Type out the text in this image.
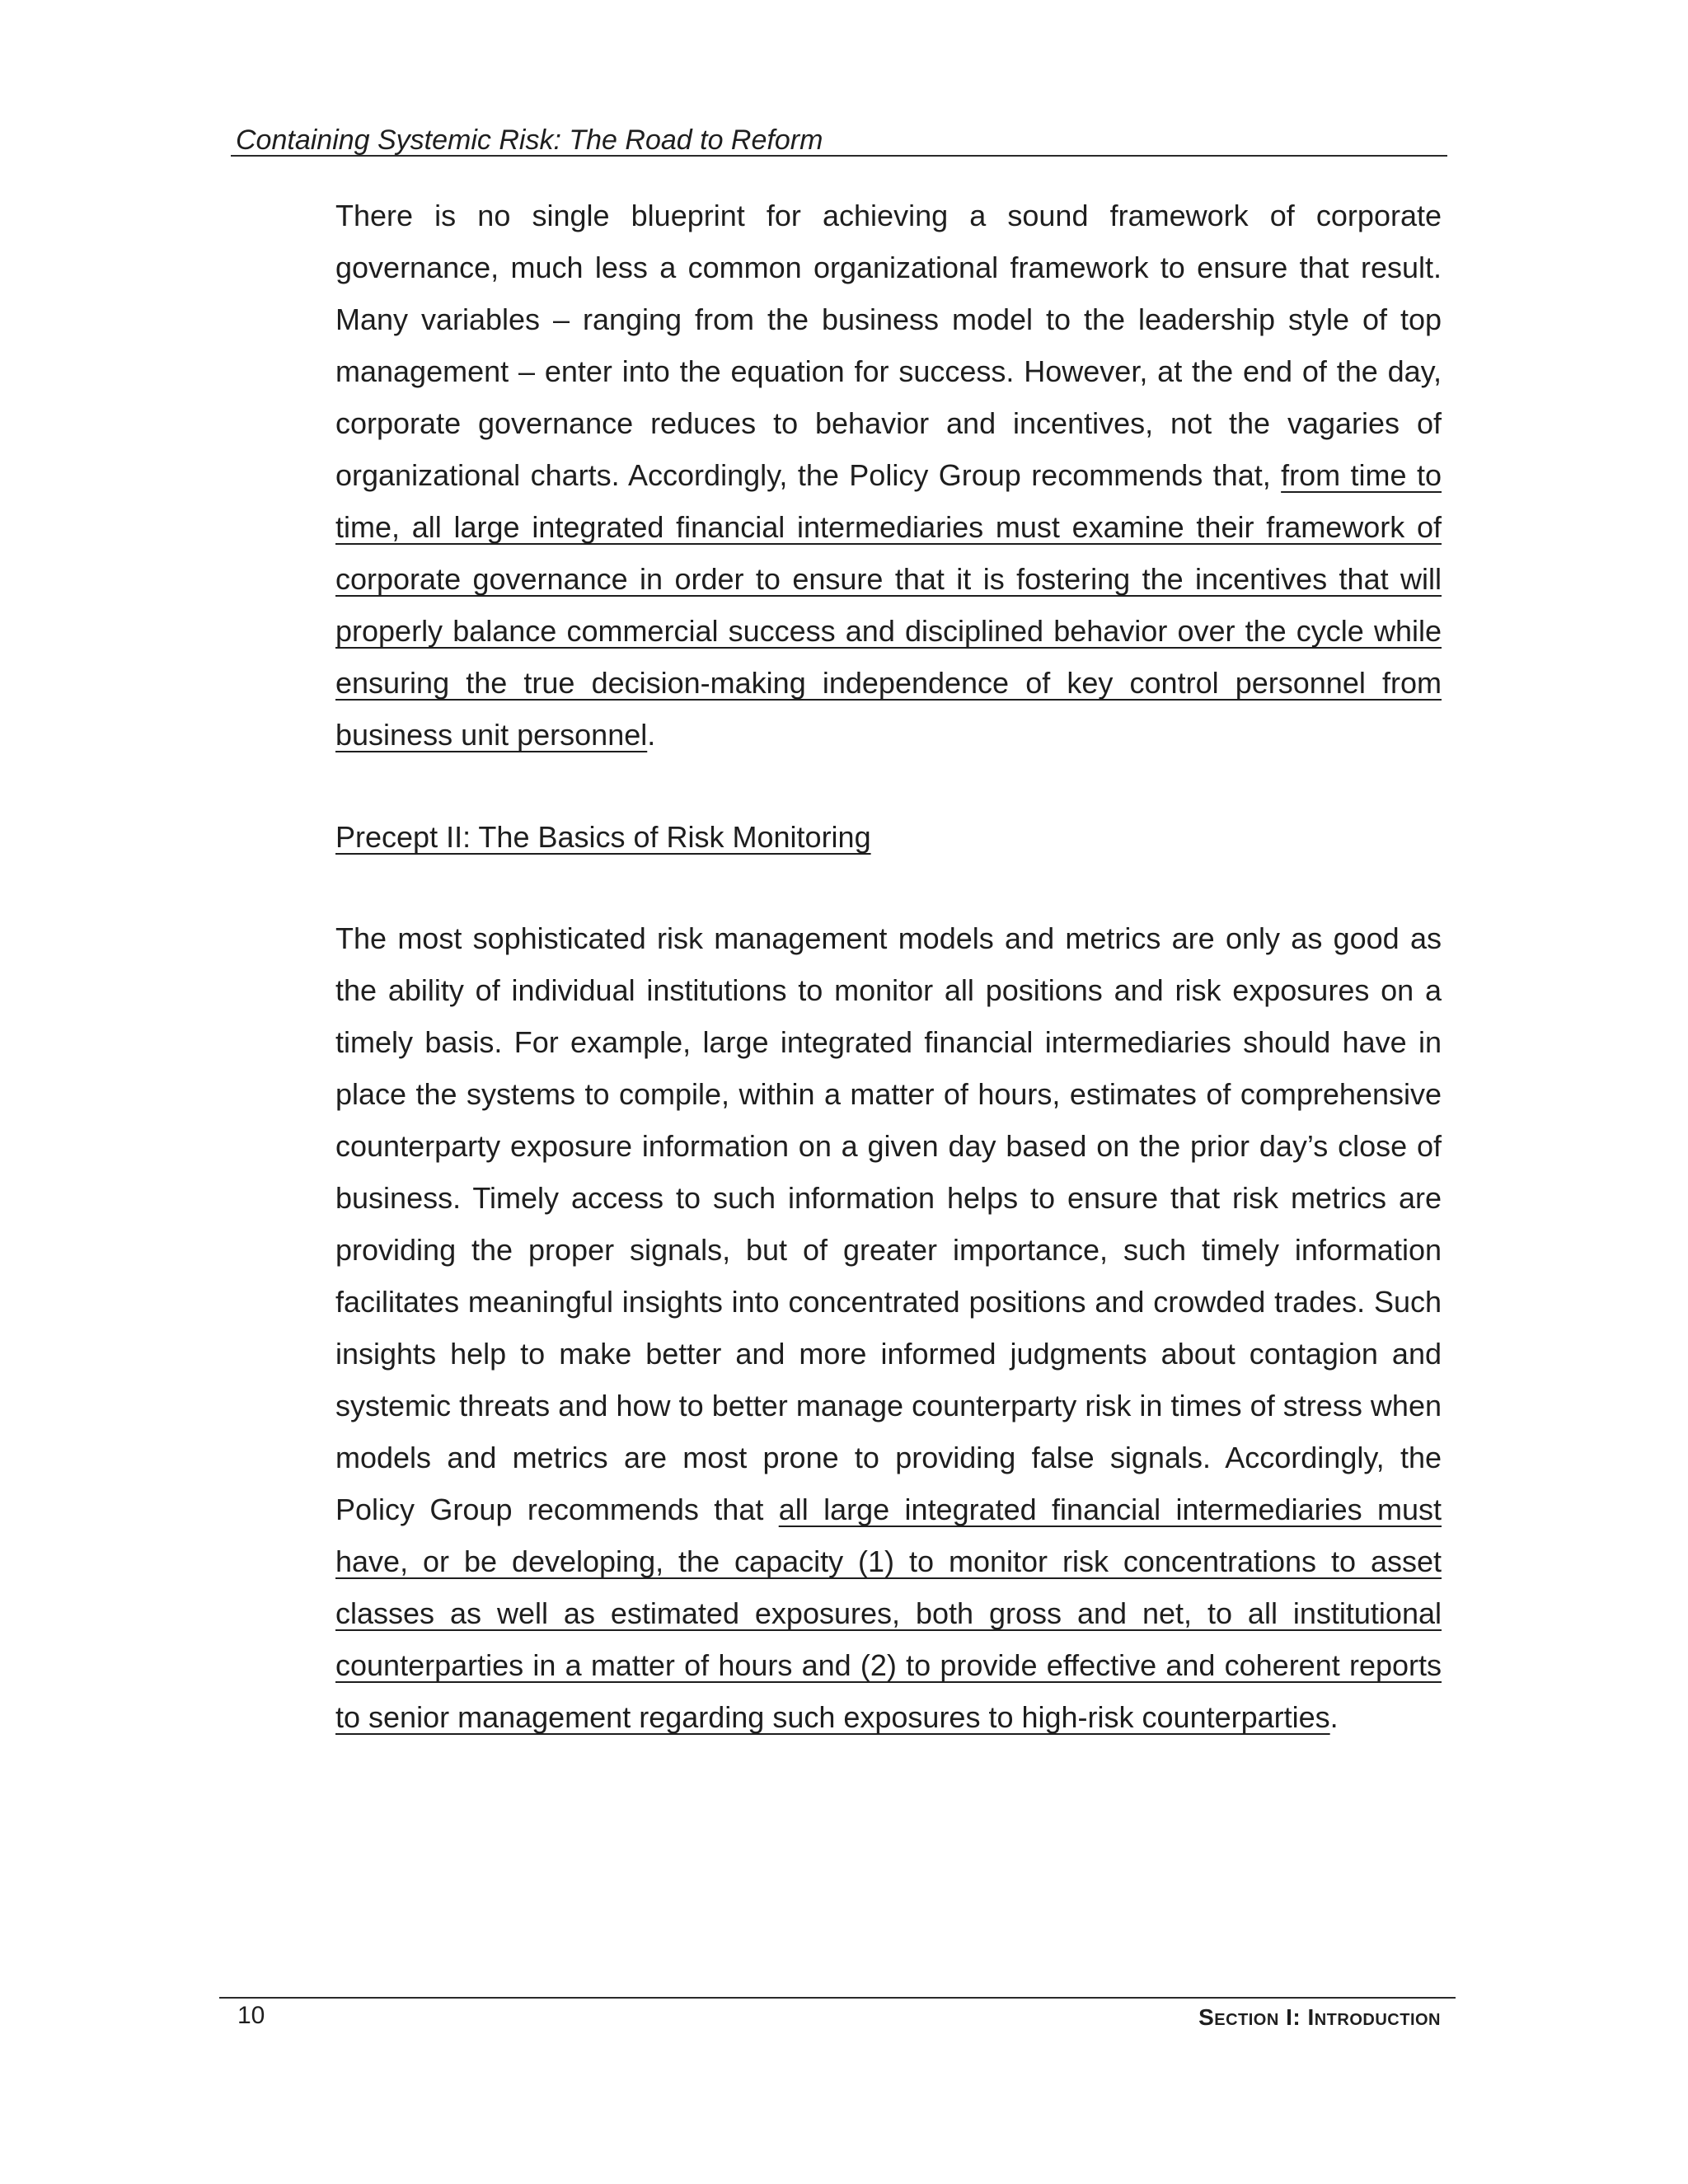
Containing Systemic Risk: The Road to Reform

There is no single blueprint for achieving a sound framework of corporate governance, much less a common organizational framework to ensure that result. Many variables – ranging from the business model to the leadership style of top management – enter into the equation for success. However, at the end of the day, corporate governance reduces to behavior and incentives, not the vagaries of organizational charts. Accordingly, the Policy Group recommends that, from time to time, all large integrated financial intermediaries must examine their framework of corporate governance in order to ensure that it is fostering the incentives that will properly balance commercial success and disciplined behavior over the cycle while ensuring the true decision-making independence of key control personnel from business unit personnel.

Precept II: The Basics of Risk Monitoring

The most sophisticated risk management models and metrics are only as good as the ability of individual institutions to monitor all positions and risk exposures on a timely basis. For example, large integrated financial intermediaries should have in place the systems to compile, within a matter of hours, estimates of comprehensive counterparty exposure information on a given day based on the prior day’s close of business. Timely access to such information helps to ensure that risk metrics are providing the proper signals, but of greater importance, such timely information facilitates meaningful insights into concentrated positions and crowded trades. Such insights help to make better and more informed judgments about contagion and systemic threats and how to better manage counterparty risk in times of stress when models and metrics are most prone to providing false signals. Accordingly, the Policy Group recommends that all large integrated financial intermediaries must have, or be developing, the capacity (1) to monitor risk concentrations to asset classes as well as estimated exposures, both gross and net, to all institutional counterparties in a matter of hours and (2) to provide effective and coherent reports to senior management regarding such exposures to high-risk counterparties.

10	Section I: Introduction
